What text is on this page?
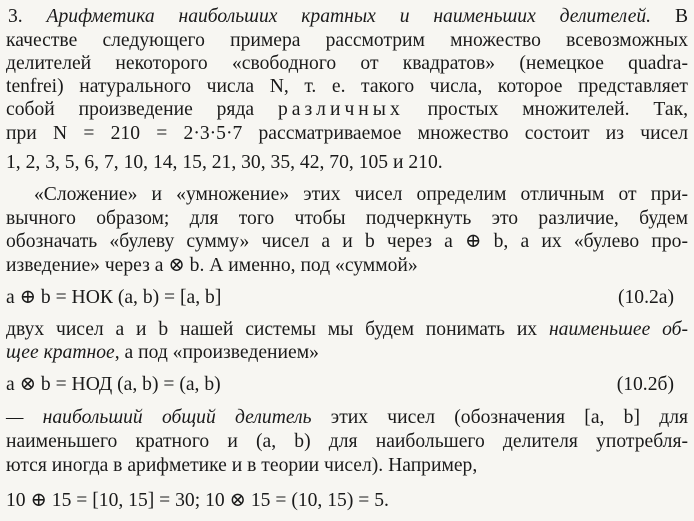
3. Арифметика наибольших кратных и наименьших делителей. В
качестве следующего примера рассмотрим множество всевозможных
делителей некоторого «свободного от квадратов» (немецкое quadra-
tenfrei) натурального числа N, т. е. такого числа, которое представляет
собой произведение ряда различных простых множителей. Так,
при N = 210 = 2·3·5·7 рассматриваемое множество состоит из чисел
1, 2, 3, 5, 6, 7, 10, 14, 15, 21, 30, 35, 42, 70, 105 и 210.
«Сложение» и «умножение» этих чисел определим отличным от при-
вычного образом; для того чтобы подчеркнуть это различие, будем
обозначать «булеву сумму» чисел a и b через a ⊕ b, а их «булево про-
изведение» через a ⊗ b. А именно, под «суммой»
a ⊕ b = НОК (a, b) = [a, b]	(10.2а)
двух чисел a и b нашей системы мы будем понимать их наименьшее об-
щее кратное, а под «произведением»
a ⊗ b = НОД (a, b) = (a, b)	(10.2б)
— наибольший общий делитель этих чисел (обозначения [a, b] для
наименьшего кратного и (a, b) для наибольшего делителя употребля-
ются иногда в арифметике и в теории чисел). Например,
10 ⊕ 15 = [10, 15] = 30; 10 ⊗ 15 = (10, 15) = 5.
